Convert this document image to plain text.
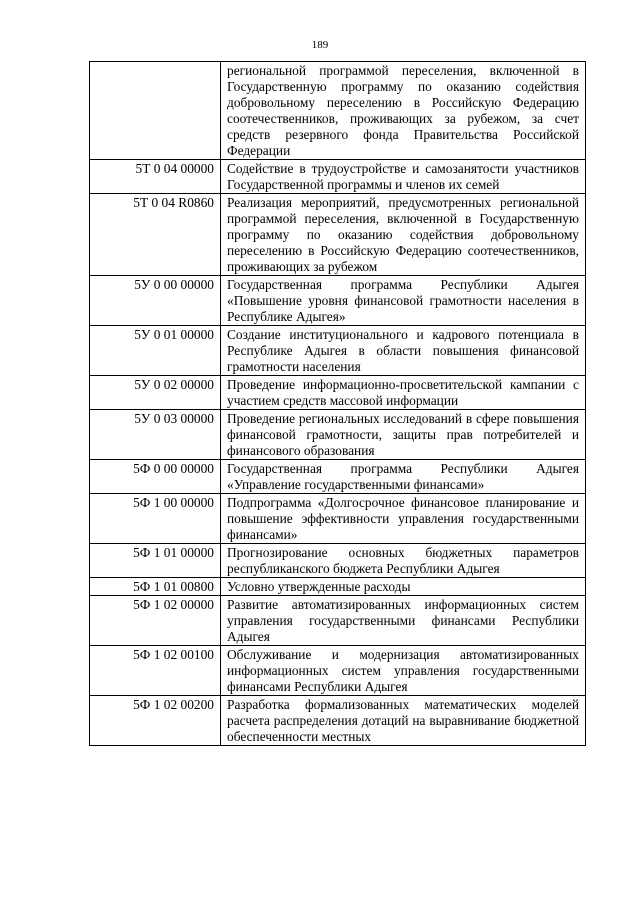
189
	региональной программой переселения, включенной в Государственную программу по оказанию содействия добровольному переселению в Российскую Федерацию соотечественников, проживающих за рубежом, за счет средств резервного фонда Правительства Российской Федерации
5Т 0 04 00000	Содействие в трудоустройстве и самозанятости участников Государственной программы и членов их семей
5Т 0 04 R0860	Реализация мероприятий, предусмотренных региональной программой переселения, включенной в Государственную программу по оказанию содействия добровольному переселению в Российскую Федерацию соотечественников, проживающих за рубежом
5У 0 00 00000	Государственная программа Республики Адыгея «Повышение уровня финансовой грамотности населения в Республике Адыгея»
5У 0 01 00000	Создание институционального и кадрового потенциала в Республике Адыгея в области повышения финансовой грамотности населения
5У 0 02 00000	Проведение информационно-просветительской кампании с участием средств массовой информации
5У 0 03 00000	Проведение региональных исследований в сфере повышения финансовой грамотности, защиты прав потребителей и финансового образования
5Ф 0 00 00000	Государственная программа Республики Адыгея «Управление государственными финансами»
5Ф 1 00 00000	Подпрограмма «Долгосрочное финансовое планирование и повышение эффективности управления государственными финансами»
5Ф 1 01 00000	Прогнозирование основных бюджетных параметров республиканского бюджета Республики Адыгея
5Ф 1 01 00800	Условно утвержденные расходы
5Ф 1 02 00000	Развитие автоматизированных информационных систем управления государственными финансами Республики Адыгея
5Ф 1 02 00100	Обслуживание и модернизация автоматизированных информационных систем управления государственными финансами Республики Адыгея
5Ф 1 02 00200	Разработка формализованных математических моделей расчета распределения дотаций на выравнивание бюджетной обеспеченности местных
